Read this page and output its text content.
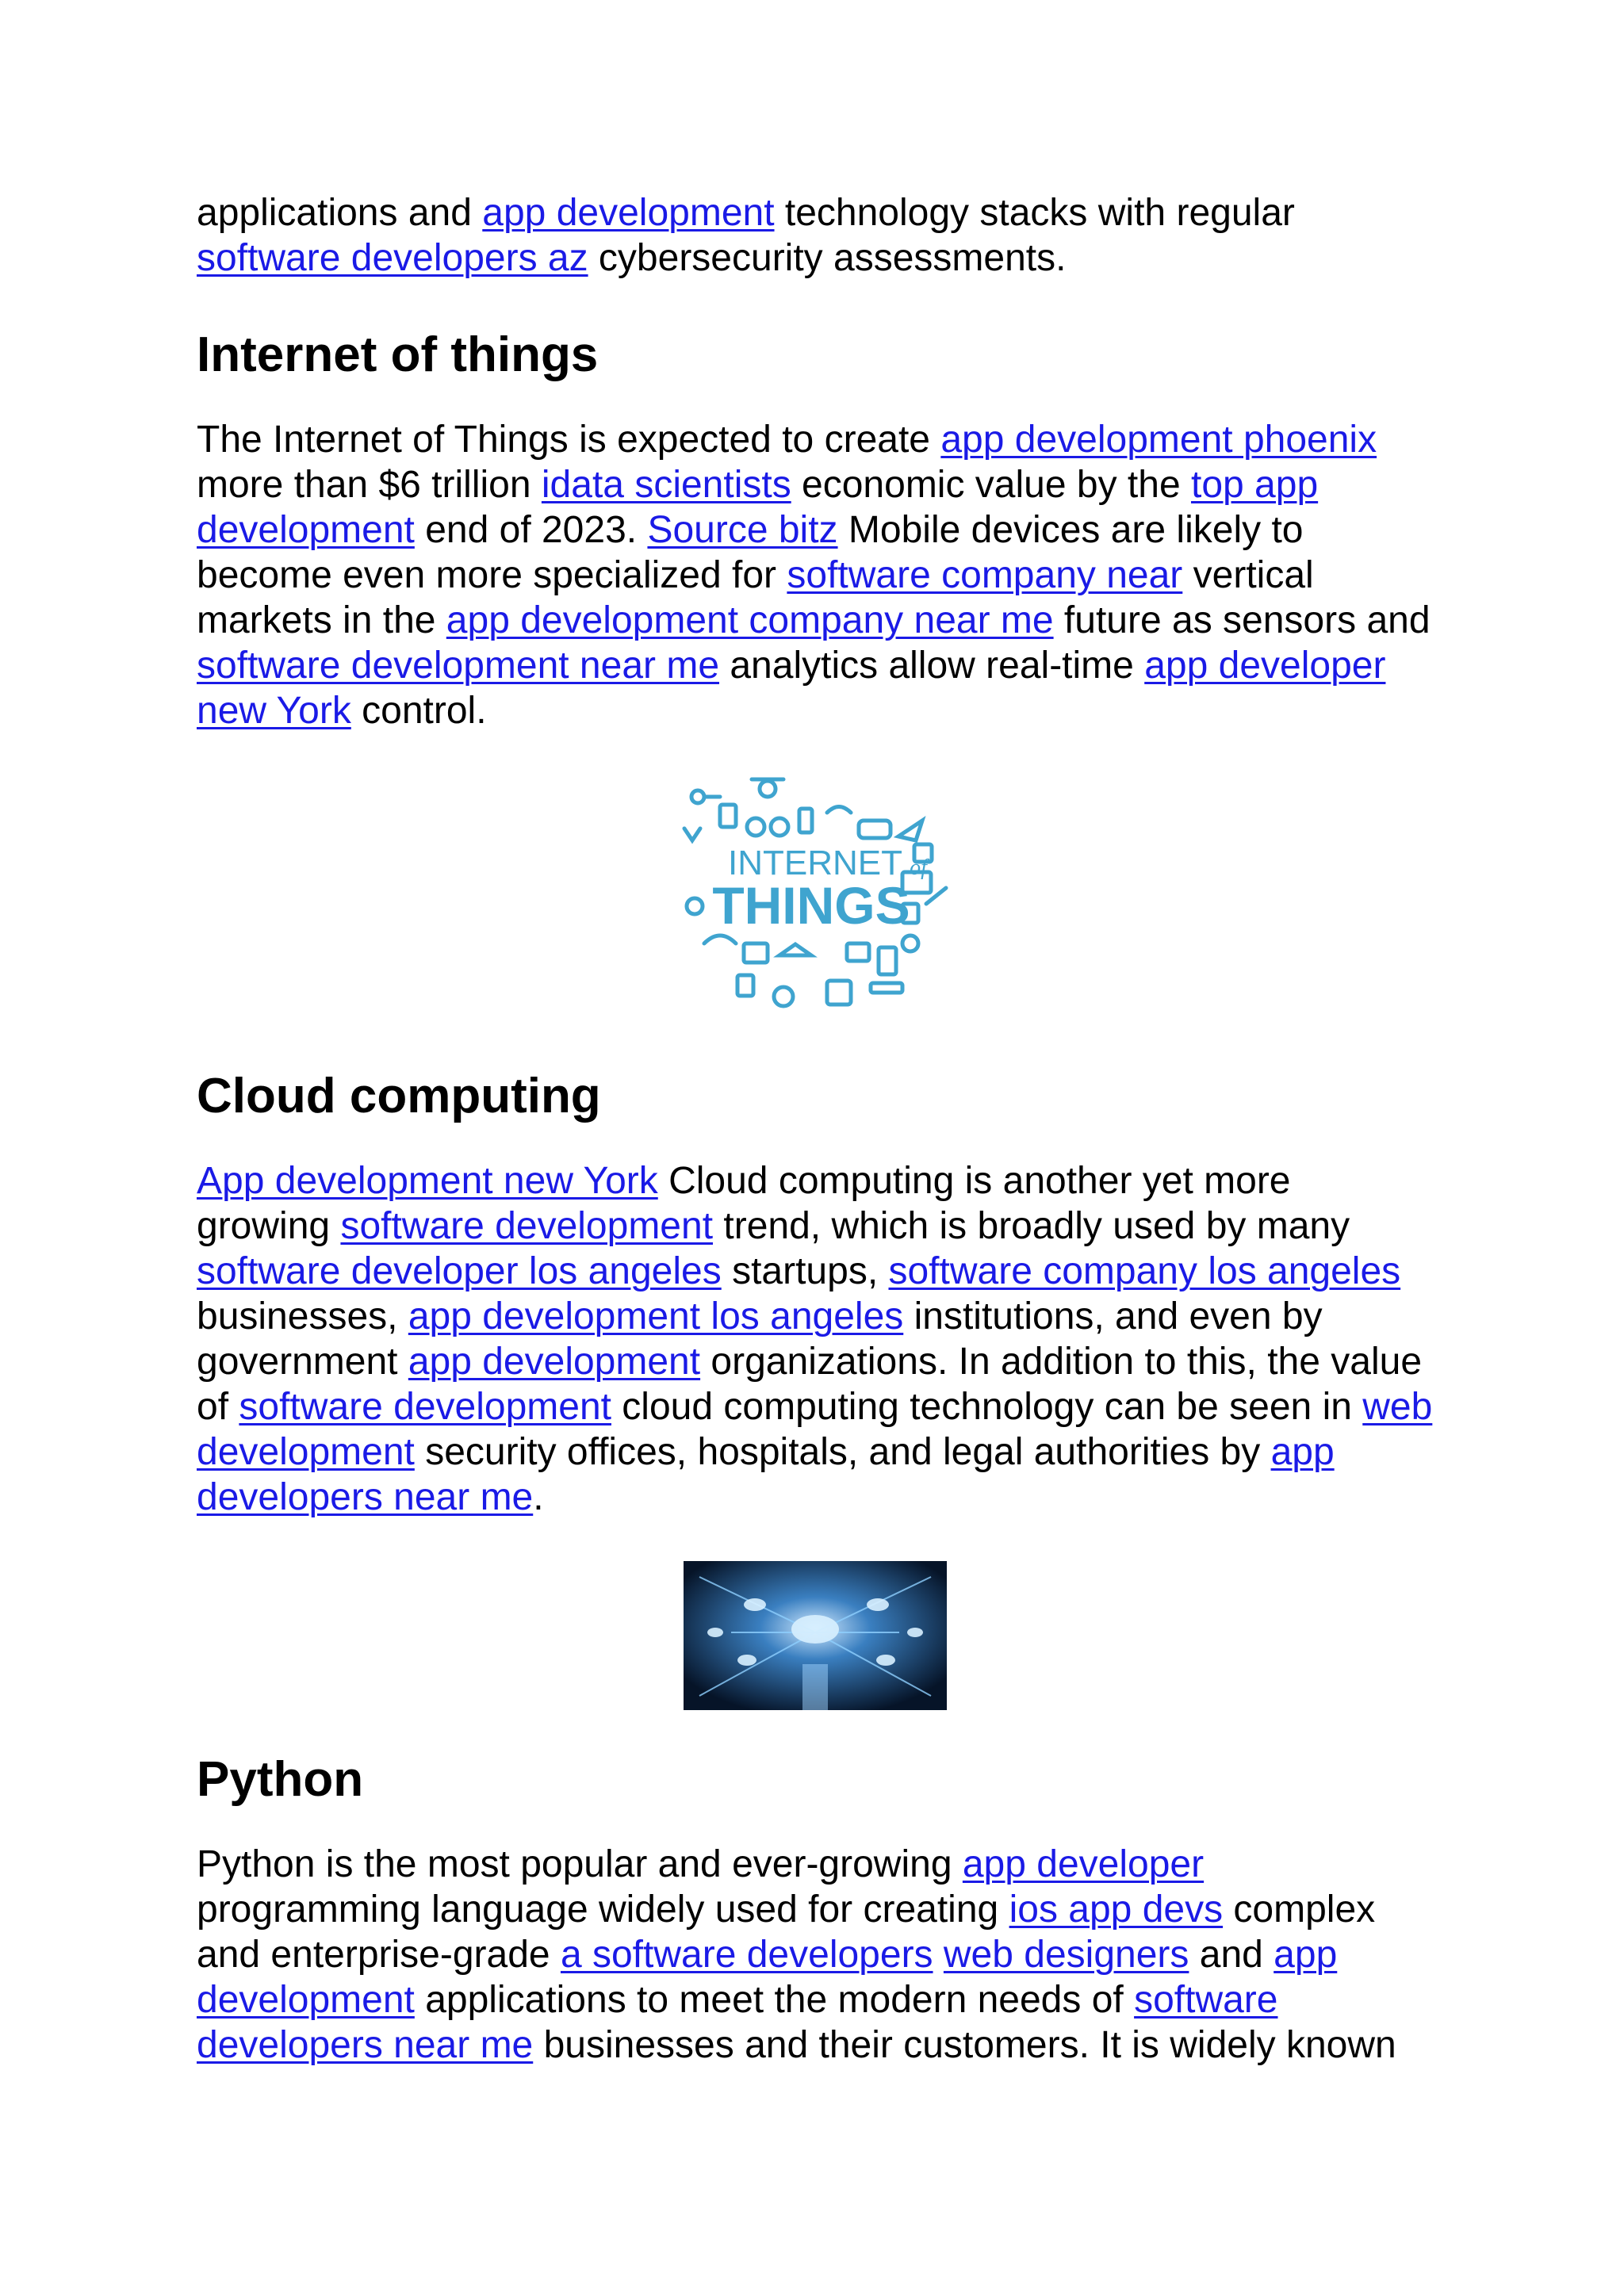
applications and app development technology stacks with regular software developers az cybersecurity assessments.

Internet of things

The Internet of Things is expected to create app development phoenix more than $6 trillion idata scientists economic value by the top app development end of 2023. Source bitz Mobile devices are likely to become even more specialized for software company near vertical markets in the app development company near me future as sensors and software development near me analytics allow real-time app developer new York control.

INTERNET of
THINGS
Cloud computing

App development new York Cloud computing is another yet more growing software development trend, which is broadly used by many software developer los angeles startups, software company los angeles businesses, app development los angeles institutions, and even by government app development organizations. In addition to this, the value of software development cloud computing technology can be seen in web development security offices, hospitals, and legal authorities by app developers near me.

Python

Python is the most popular and ever-growing app developer programming language widely used for creating ios app devs complex and enterprise-grade a software developers web designers and app development applications to meet the modern needs of software developers near me businesses and their customers. It is widely known
